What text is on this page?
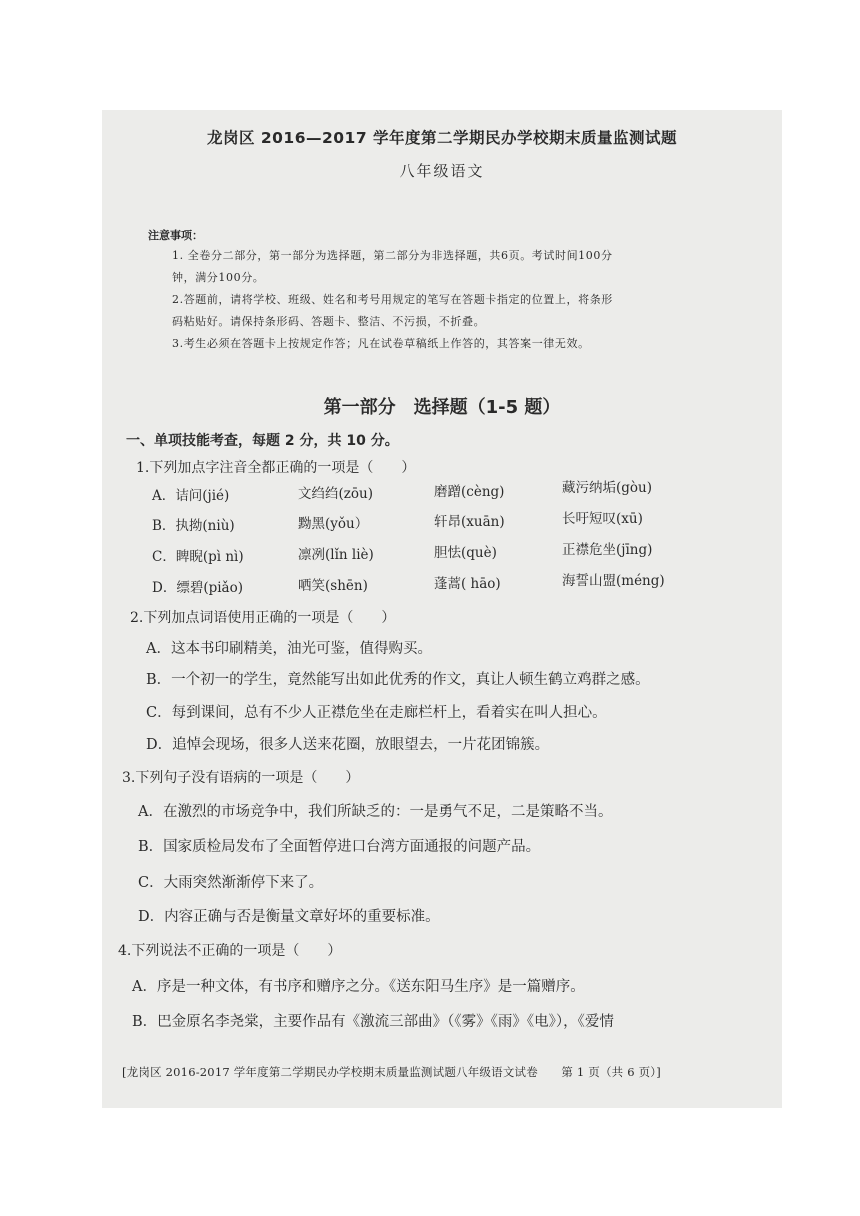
龙岗区 2016—2017 学年度第二学期民办学校期末质量监测试题
八年级语文
注意事项：
1. 全卷分二部分，第一部分为选择题，第二部分为非选择题，共6页。考试时间100分
钟，满分100分。
2.答题前，请将学校、班级、姓名和考号用规定的笔写在答题卡指定的位置上，将条形
码粘贴好。请保持条形码、答题卡、整洁、不污损，不折叠。
3.考生必须在答题卡上按规定作答；凡在试卷草稿纸上作答的，其答案一律无效。
第一部分　选择题（1-5 题）
一、单项技能考查，每题 2 分，共 10 分。
1.下列加点字注音全都正确的一项是（　　）
A．诘问(jié)	文绉绉(zōu)	磨蹭(cèng)	藏污纳垢(gòu)
B．执拗(niù)	黝黑(yǒu）	轩昂(xuān)	长吁短叹(xū)
C．睥睨(pì nì)	凛冽(lǐn liè)	胆怯(què)	正襟危坐(jīng)
D．缥碧(piǎo)	哂笑(shēn)	蓬蒿( hāo)	海誓山盟(méng)
2.下列加点词语使用正确的一项是（　　）
A．这本书印刷精美，油光可鉴，值得购买。
B．一个初一的学生，竟然能写出如此优秀的作文，真让人顿生鹤立鸡群之感。
C．每到课间，总有不少人正襟危坐在走廊栏杆上，看着实在叫人担心。
D．追悼会现场，很多人送来花圈，放眼望去，一片花团锦簇。
3.下列句子没有语病的一项是（　　）
A．在激烈的市场竞争中，我们所缺乏的：一是勇气不足，二是策略不当。
B．国家质检局发布了全面暂停进口台湾方面通报的问题产品。
C．大雨突然渐渐停下来了。
D．内容正确与否是衡量文章好坏的重要标准。
4.下列说法不正确的一项是（　　）
A．序是一种文体，有书序和赠序之分。《送东阳马生序》是一篇赠序。
B．巴金原名李尧棠，主要作品有《激流三部曲》（《雾》《雨》《电》），《爱情
[龙岗区 2016-2017 学年度第二学期民办学校期末质量监测试题八年级语文试卷　　第 1 页（共 6 页）]
